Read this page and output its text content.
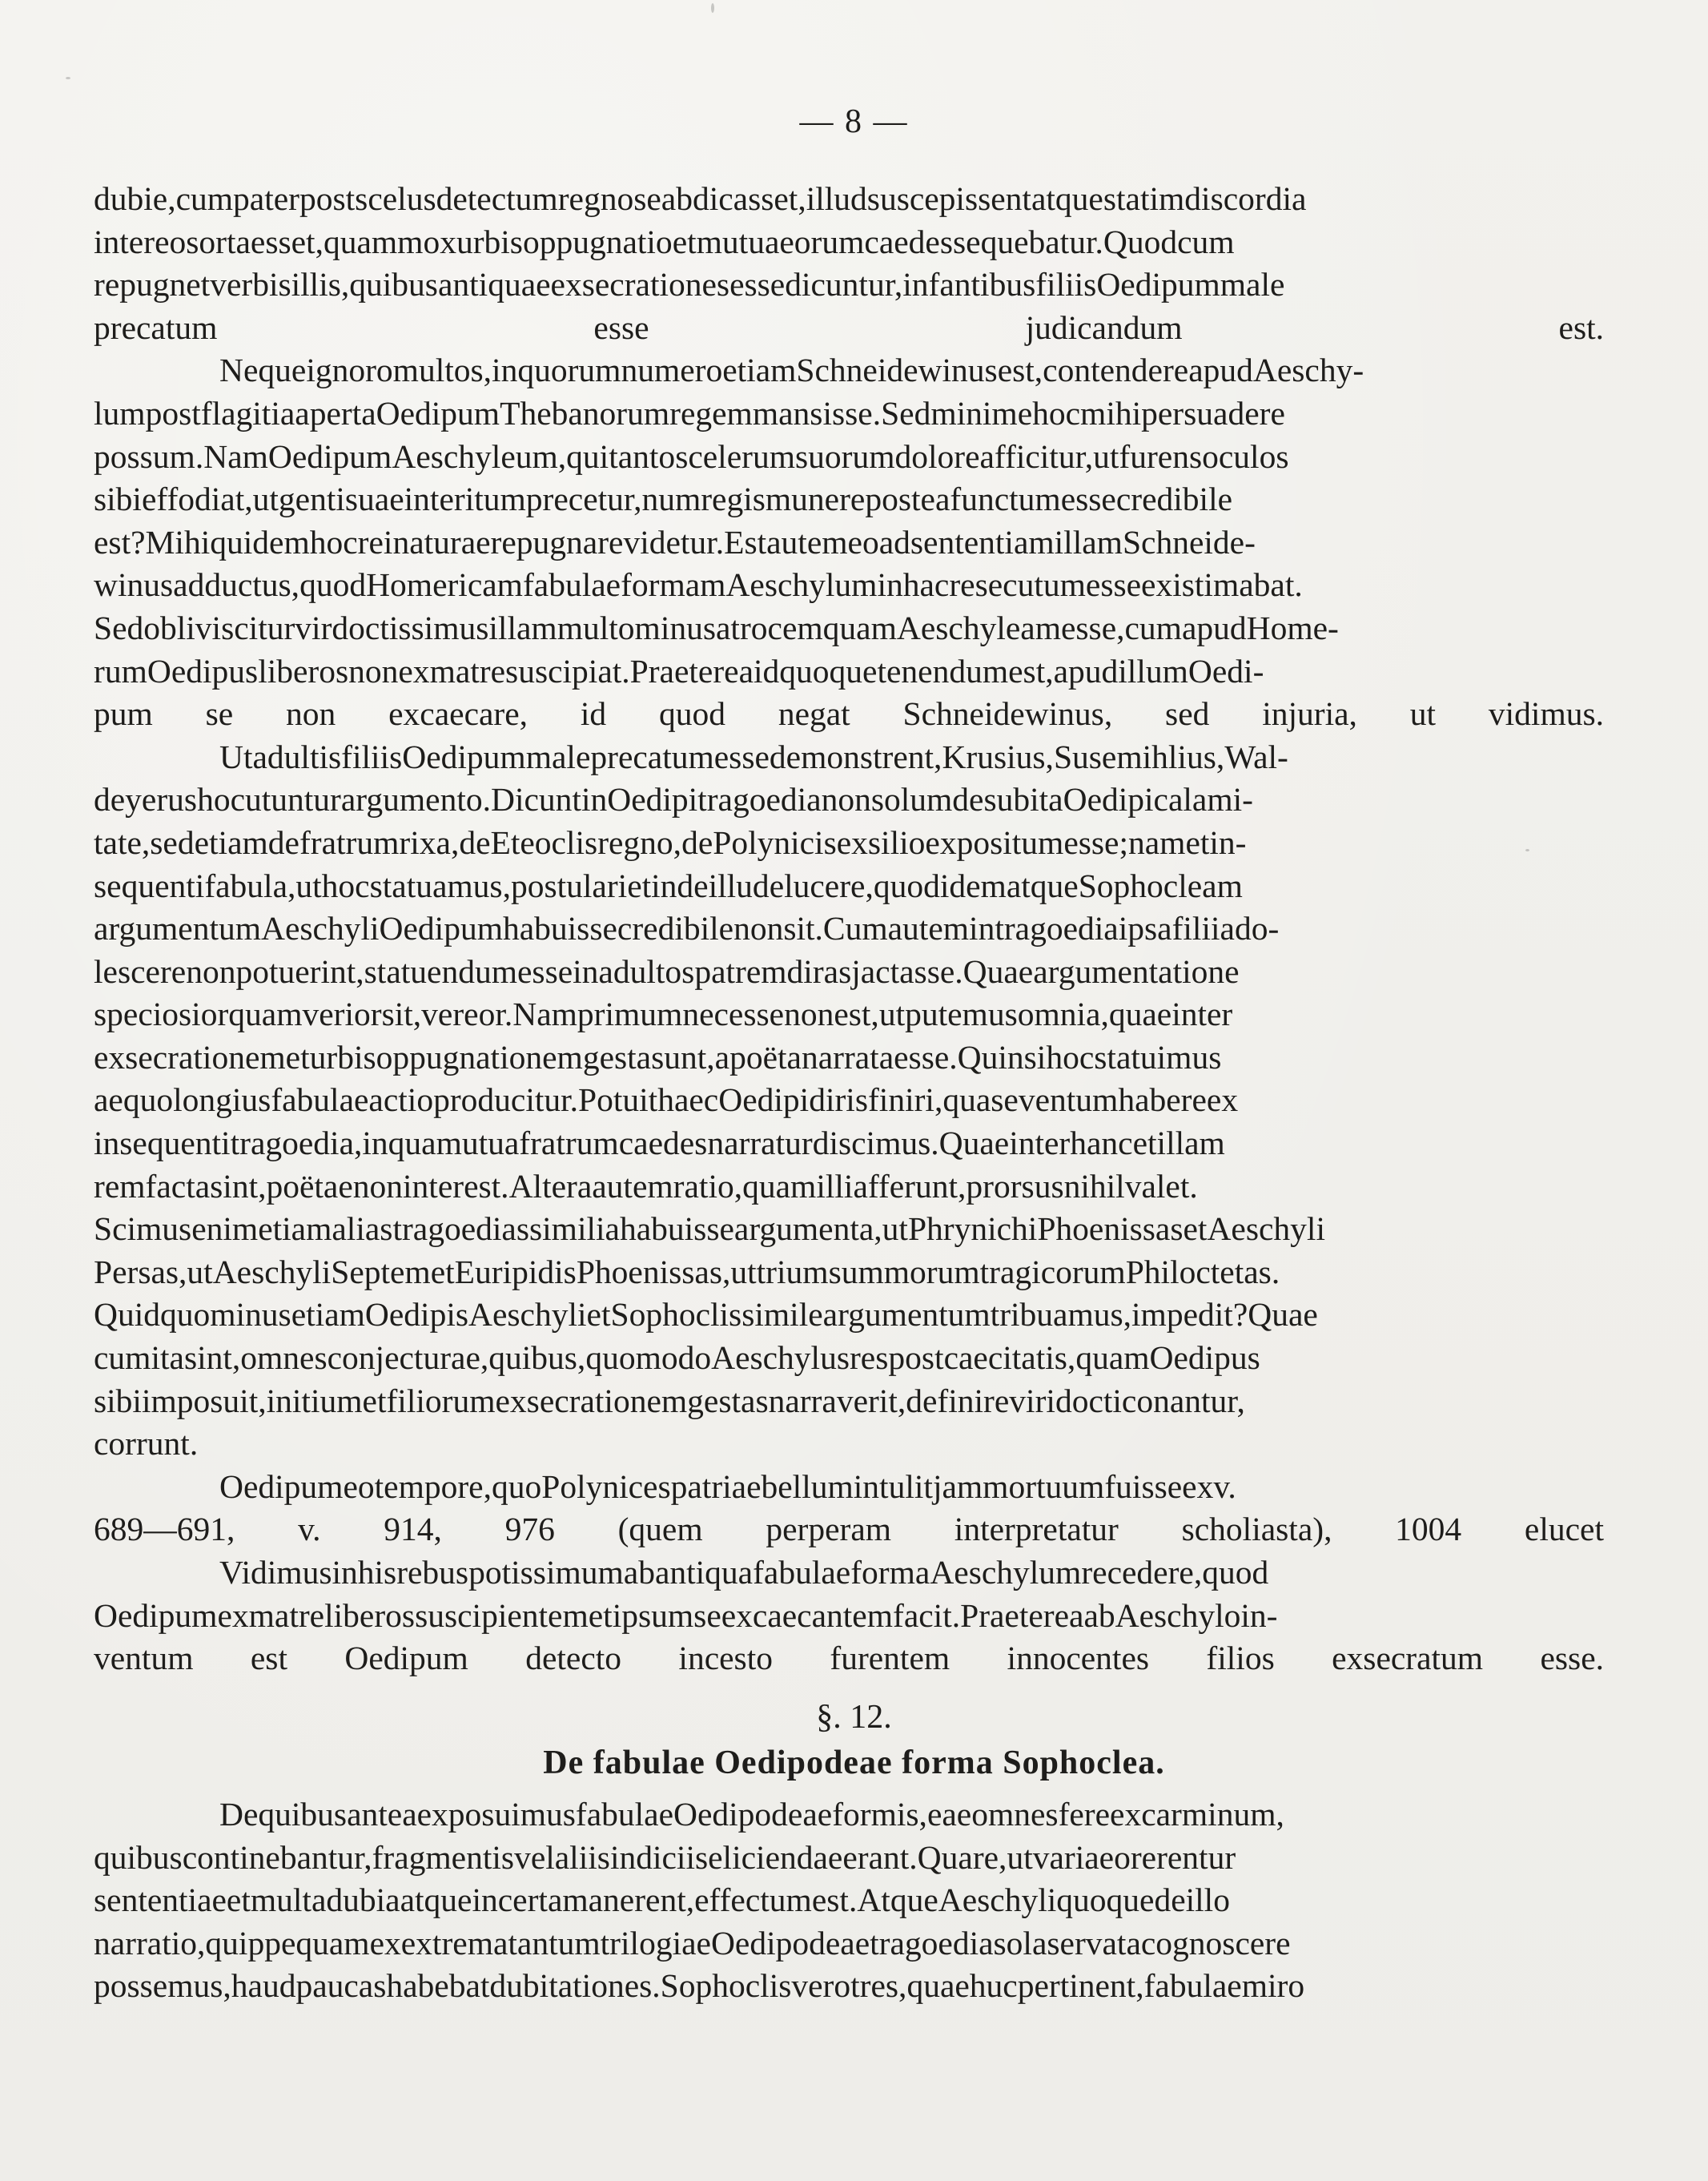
— 8 —
dubie,cumpaterpostscelusdetectumregnoseabdicasset,illudsuscepissentatquestatimdiscordia
intereosortaesset,quammoxurbisoppugnatioetmutuaeorumcaedessequebatur.Quodcum
repugnetverbisillis,quibusantiquaeexsecrationesessedicuntur,infantibusfiliisOedipummale
precatum esse judicandum est.
Nequeignoromultos,inquorumnumeroetiamSchneidewinusest,contendereapudAeschy-
lumpostflagitiaapertaOedipumThebanorumregemmansisse.Sedminimehocmihipersuadere
possum.NamOedipumAeschyleum,quitantoscelerumsuorumdoloreafficitur,utfurensoculos
sibieffodiat,utgentisuaeinteritumprecetur,numregismunereposteafunctumessecredibile
est?Mihiquidemhocreinaturaerepugnarevidetur.EstautemeoadsententiamillamSchneide-
winusadductus,quodHomericamfabulaeformamAeschyluminhacresecutumesseexistimabat.
SedoblivisciturvirdoctissimusillammultominusatrocemquamAeschyleamesse,cumapudHome-
rumOedipusliberosnonexmatresuscipiat.Praetereaidquoquetenendumest,apudillumOedi-
pum se non excaecare, id quod negat Schneidewinus, sed injuria, ut vidimus.
UtadultisfiliisOedipummaleprecatumessedemonstrent,Krusius,Susemihlius,Wal-
deyerushocutunturargumento.DicuntinOedipitragoedianonsolumdesubitaOedipicalami-
tate,sedetiamdefratrumrixa,deEteoclisregno,dePolynicisexsilioexpositumesse;nametin-
sequentifabula,uthocstatuamus,postularietindeilludelucere,quodidematqueSophocleam
argumentumAeschyliOedipumhabuissecredibilenonsit.Cumautemintragoediaipsafiliiado-
lescerenonpotuerint,statuendumesseinadultospatremdirasjactasse.Quaeargumentatione
speciosiorquamveriorsit,vereor.Namprimumnecessenonest,utputemusomnia,quaeinter
exsecrationemeturbisoppugnationemgestasunt,apoëtanarrataesse.Quinsihocstatuimus
aequolongiusfabulaeactioproducitur.PotuithaecOedipidirisfiniri,quaseventumhabereex
insequentitragoedia,inquamutuafratrumcaedesnarraturdiscimus.Quaeinterhancetillam
remfactasint,poëtaenoninterest.Alteraautemratio,quamilliafferunt,prorsusnihilvalet.
Scimusenimetiamaliastragoediassimiliahabuisseargumenta,utPhrynichiPhoenissasetAeschyli
Persas,utAeschyliSeptemetEuripidisPhoenissas,uttriumsummorumtragicorumPhiloctetas.
QuidquominusetiamOedipisAeschylietSophoclissimileargumentumtribuamus,impedit?Quae
cumitasint,omnesconjecturae,quibus,quomodoAeschylusrespostcaecitatis,quamOedipus
sibiimposuit,initiumetfiliorumexsecrationemgestasnarraverit,definireviridocticonantur,
corrunt.
Oedipumeotempore,quoPolynicespatriaebellumintulitjammortuumfuisseexv.
689—691, v. 914, 976 (quem perperam interpretatur scholiasta), 1004 elucet
VidimusinhisrebuspotissimumabantiquafabulaeformaAeschylumrecedere,quod
Oedipumexmatreliberossuscipientemetipsumseexcaecantemfacit.PraetereaabAeschyloin-
ventum est Oedipum detecto incesto furentem innocentes filios exsecratum esse.
§. 12.
De fabulae Oedipodeae forma Sophoclea.
DequibusanteaexposuimusfabulaeOedipodeaeformis,eaeomnesfereexcarminum,
quibuscontinebantur,fragmentisvelaliisindiciiseliciendaeerant.Quare,utvariaeorerentur
sententiaeetmultadubiaatqueincertamanerent,effectumest.AtqueAeschyliquoquedeillo
narratio,quippequamexextrematantumtrilogiaeOedipodeaetragoediasolaservatacognoscere
possemus,haudpaucashabebatdubitationes.Sophoclisverotres,quaehucpertinent,fabulaemiro
